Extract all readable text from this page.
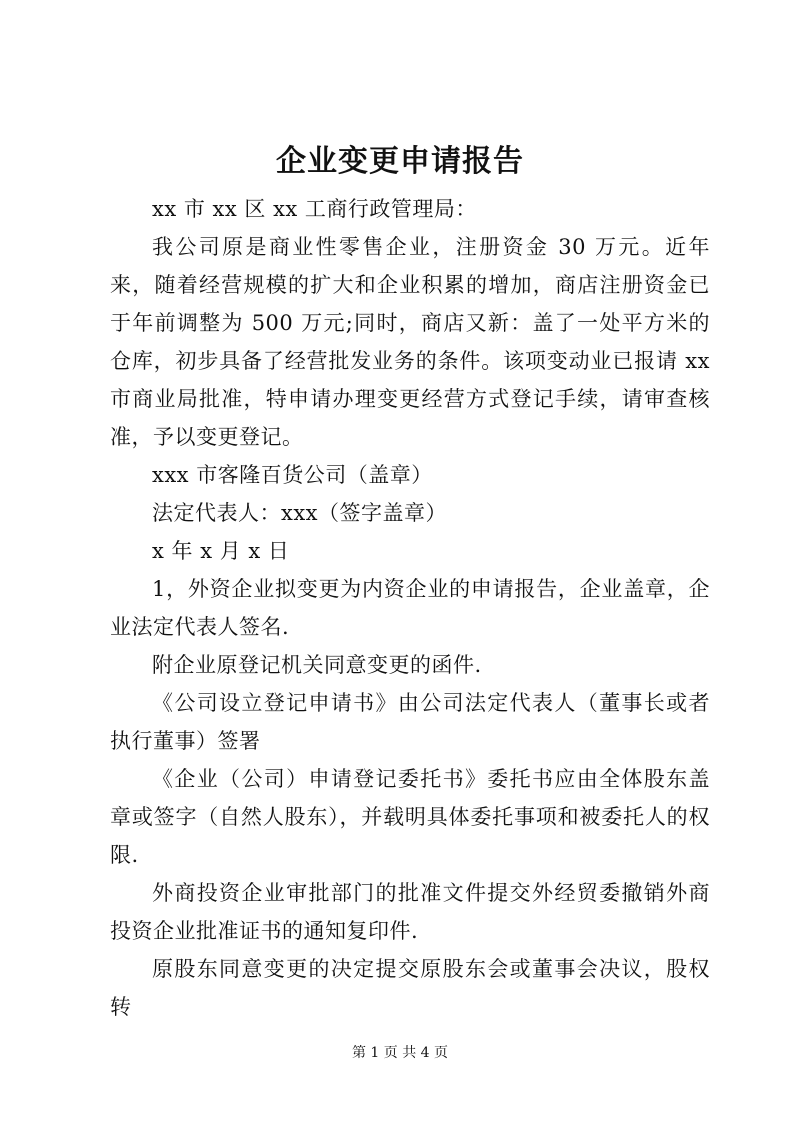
企业变更申请报告

xx 市 xx 区 xx 工商行政管理局：

我公司原是商业性零售企业，注册资金 30 万元。近年来，随着经营规模的扩大和企业积累的增加，商店注册资金已于年前调整为 500 万元;同时，商店又新：盖了一处平方米的仓库，初步具备了经营批发业务的条件。该项变动业已报请 xx 市商业局批准，特申请办理变更经营方式登记手续，请审查核准，予以变更登记。

xxx 市客隆百货公司（盖章）

法定代表人：xxx（签字盖章）

x 年 x 月 x 日

1，外资企业拟变更为内资企业的申请报告，企业盖章，企业法定代表人签名.

附企业原登记机关同意变更的函件.

《公司设立登记申请书》由公司法定代表人（董事长或者执行董事）签署

《企业（公司）申请登记委托书》委托书应由全体股东盖章或签字（自然人股东），并载明具体委托事项和被委托人的权限.

外商投资企业审批部门的批准文件提交外经贸委撤销外商投资企业批准证书的通知复印件.

原股东同意变更的决定提交原股东会或董事会决议，股权转

第 1 页 共 4 页
